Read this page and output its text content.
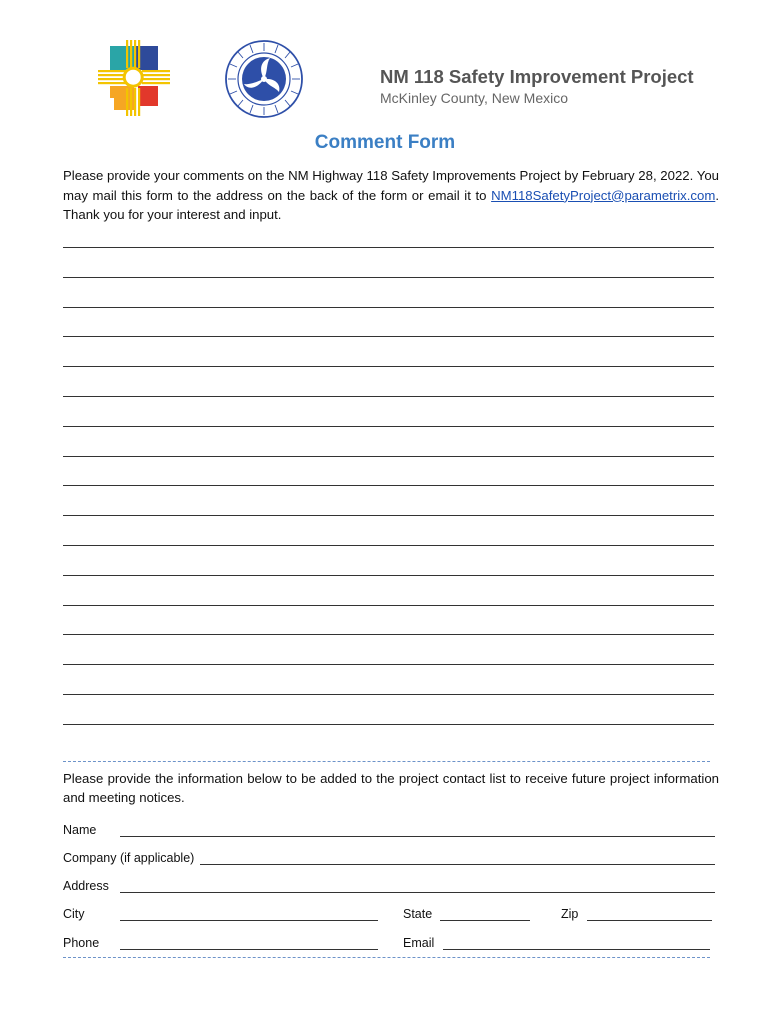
NM 118 Safety Improvement Project
McKinley County, New Mexico
Comment Form
Please provide your comments on the NM Highway 118 Safety Improvements Project by February 28, 2022. You may mail this form to the address on the back of the form or email it to NM118SafetyProject@parametrix.com. Thank you for your interest and input.
Please provide the information below to be added to the project contact list to receive future project information and meeting notices.
Name
Company (if applicable)
Address
City	State	Zip
Phone	Email
